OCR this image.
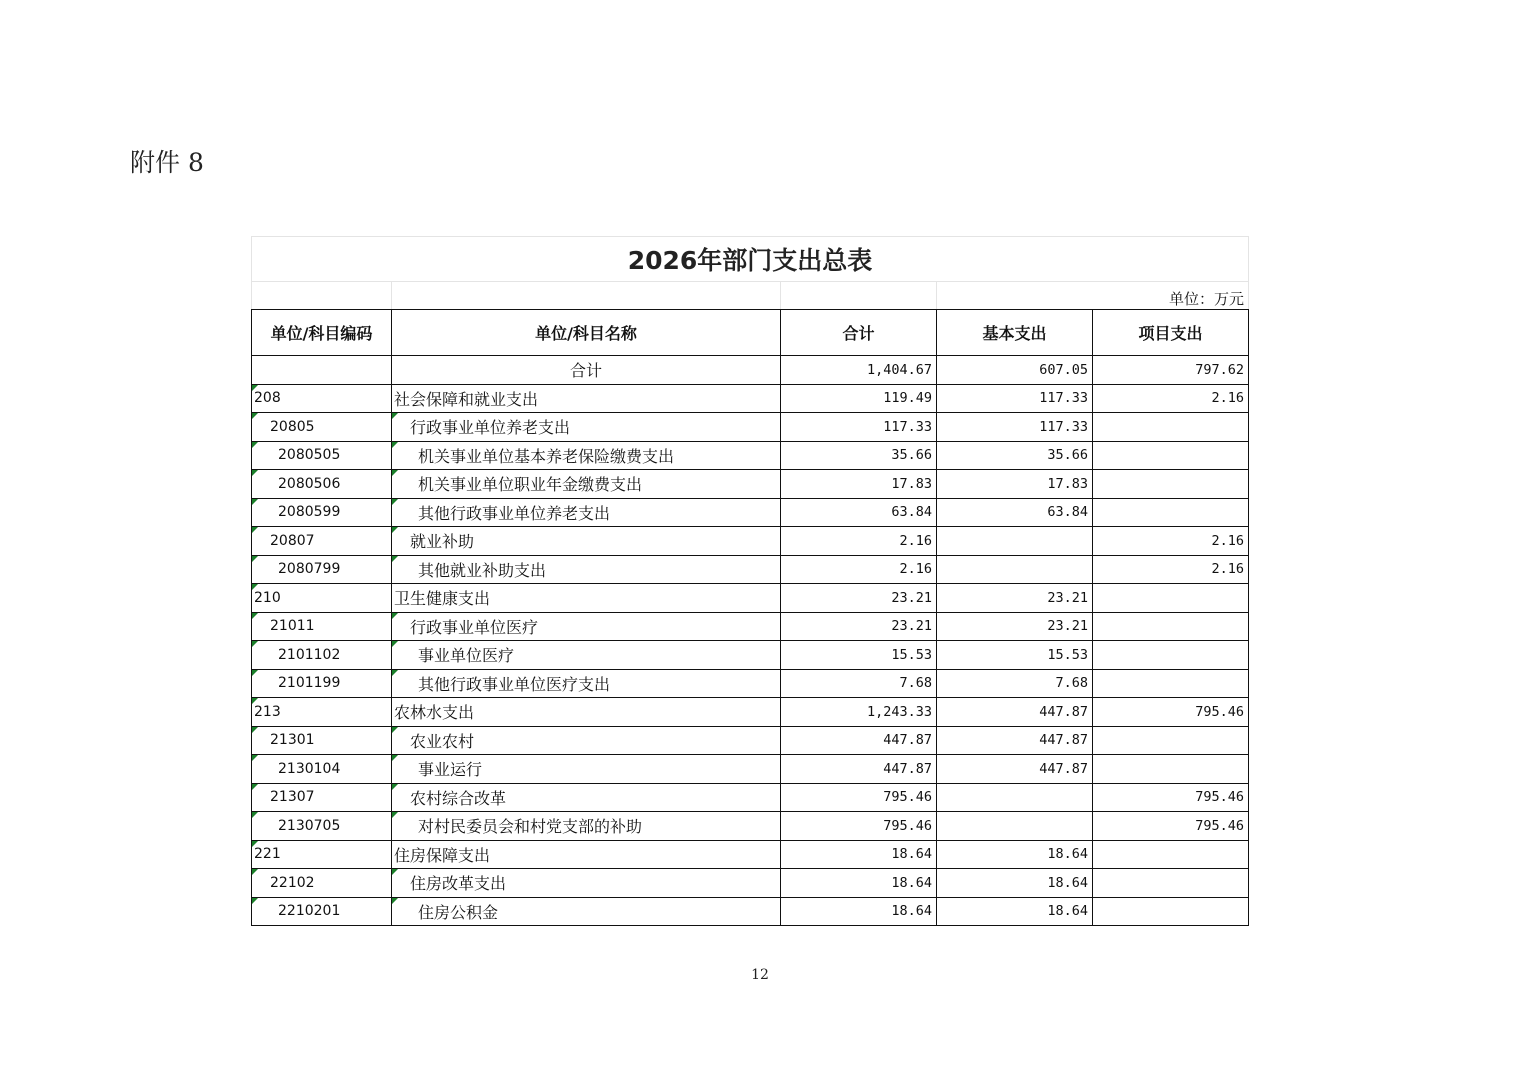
附件 8
2026年部门支出总表				
			单位：万元	
单位/科目编码	单位/科目名称	合计	基本支出	项目支出
	合计	1,404.67	607.05	797.62
208	社会保障和就业支出	119.49	117.33	2.16
20805	行政事业单位养老支出	117.33	117.33	
2080505	机关事业单位基本养老保险缴费支出	35.66	35.66	
2080506	机关事业单位职业年金缴费支出	17.83	17.83	
2080599	其他行政事业单位养老支出	63.84	63.84	
20807	就业补助	2.16		2.16
2080799	其他就业补助支出	2.16		2.16
210	卫生健康支出	23.21	23.21	
21011	行政事业单位医疗	23.21	23.21	
2101102	事业单位医疗	15.53	15.53	
2101199	其他行政事业单位医疗支出	7.68	7.68	
213	农林水支出	1,243.33	447.87	795.46
21301	农业农村	447.87	447.87	
2130104	事业运行	447.87	447.87	
21307	农村综合改革	795.46		795.46
2130705	对村民委员会和村党支部的补助	795.46		795.46
221	住房保障支出	18.64	18.64	
22102	住房改革支出	18.64	18.64	
2210201	住房公积金	18.64	18.64	
12
